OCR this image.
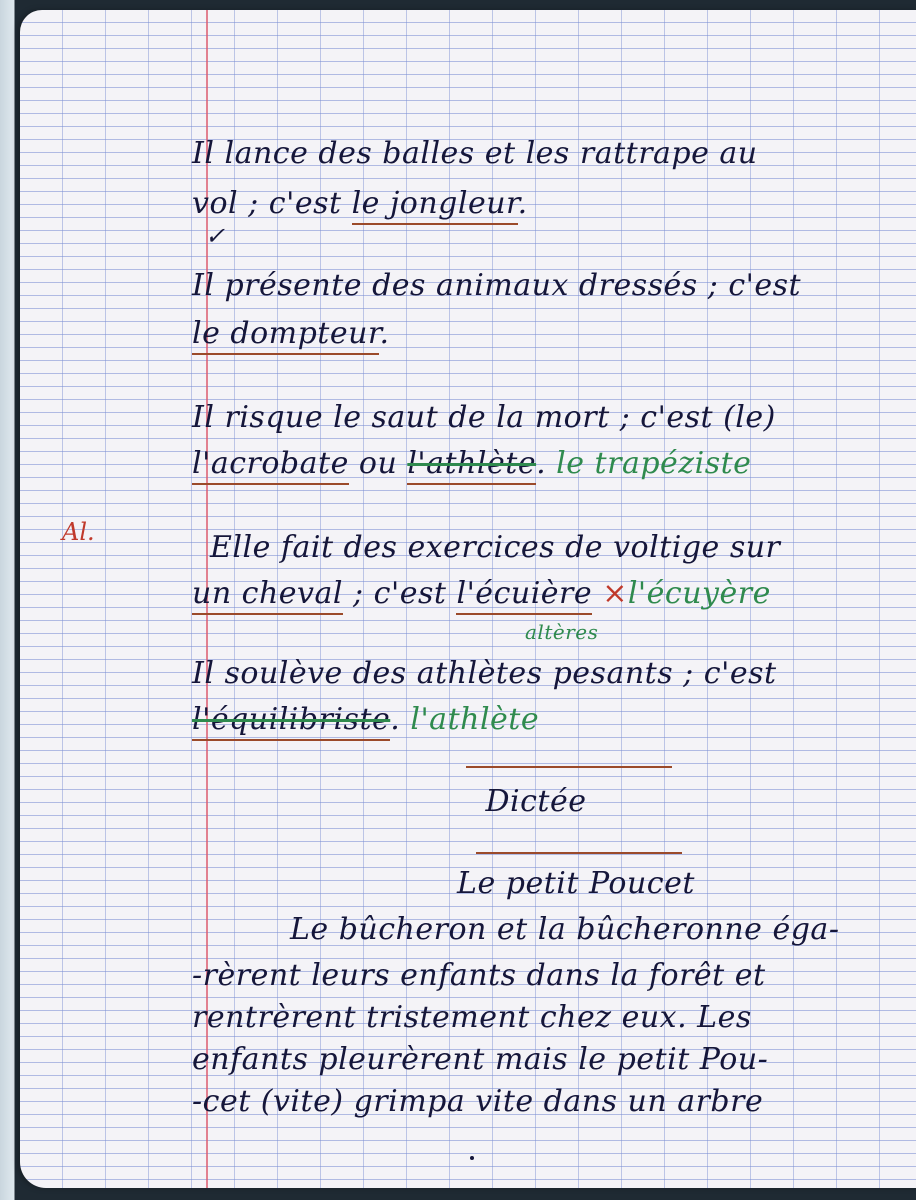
Al.
Il lance des balles et les rattrape au
vol ; c'est le jongleur.
✓
Il présente des animaux dressés ; c'est
le dompteur.
Il risque le saut de la mort ; c'est (le)
l'acrobate ou l'athlète. le trapéziste
Elle fait des exercices de voltige sur
un cheval ; c'est l'écuière ×l'écuyère
altères
Il soulève des athlètes pesants ; c'est
l'équilibriste. l'athlète
Dictée
Le petit Poucet
Le bûcheron et la bûcheronne éga-
-rèrent leurs enfants dans la forêt et
rentrèrent tristement chez eux. Les
enfants pleurèrent mais le petit Pou-
-cet (vite) grimpa vite dans un arbre
